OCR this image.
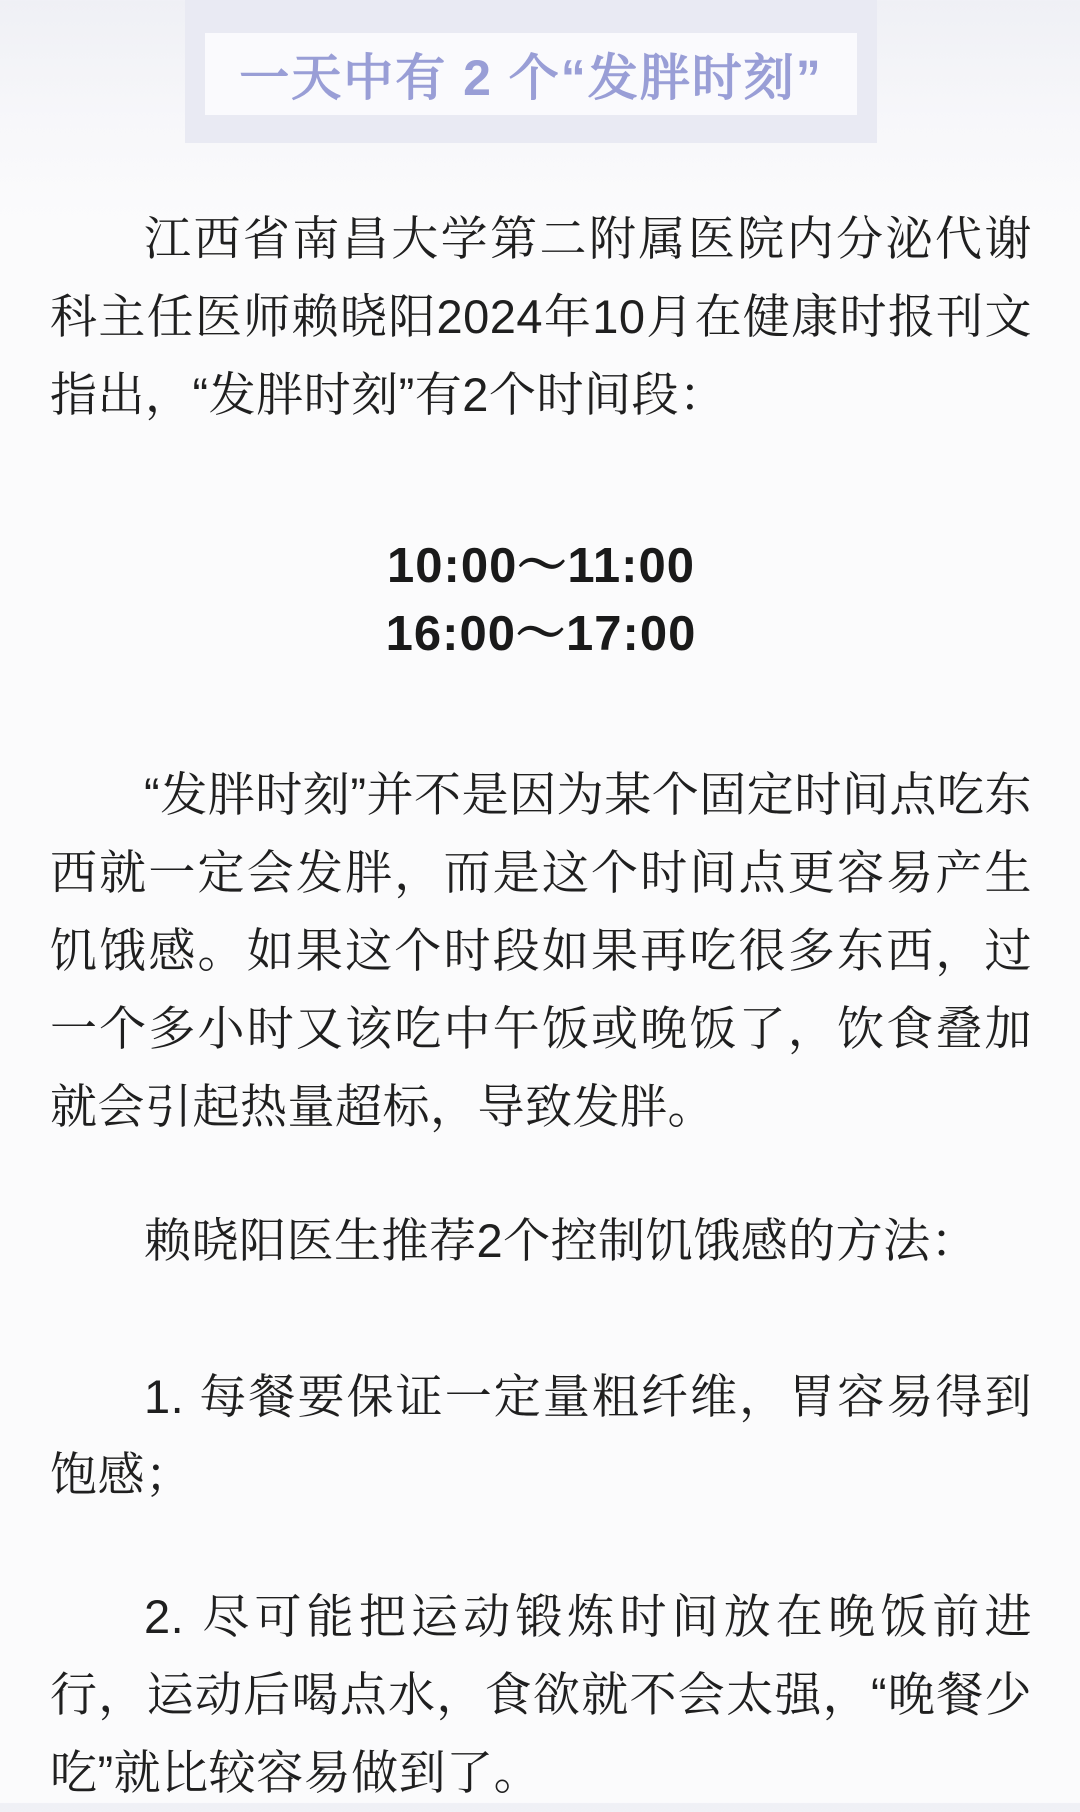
一天中有 2 个“发胖时刻”

江西省南昌大学第二附属医院内分泌代谢科主任医师赖晓阳2024年10月在健康时报刊文指出，“发胖时刻”有2个时间段：

10:00～11:00
16:00～17:00

“发胖时刻”并不是因为某个固定时间点吃东西就一定会发胖，而是这个时间点更容易产生饥饿感。如果这个时段如果再吃很多东西，过一个多小时又该吃中午饭或晚饭了，饮食叠加就会引起热量超标，导致发胖。

赖晓阳医生推荐2个控制饥饿感的方法：

1. 每餐要保证一定量粗纤维，胃容易得到饱感；

2. 尽可能把运动锻炼时间放在晚饭前进行，运动后喝点水，食欲就不会太强，“晚餐少吃”就比较容易做到了。
